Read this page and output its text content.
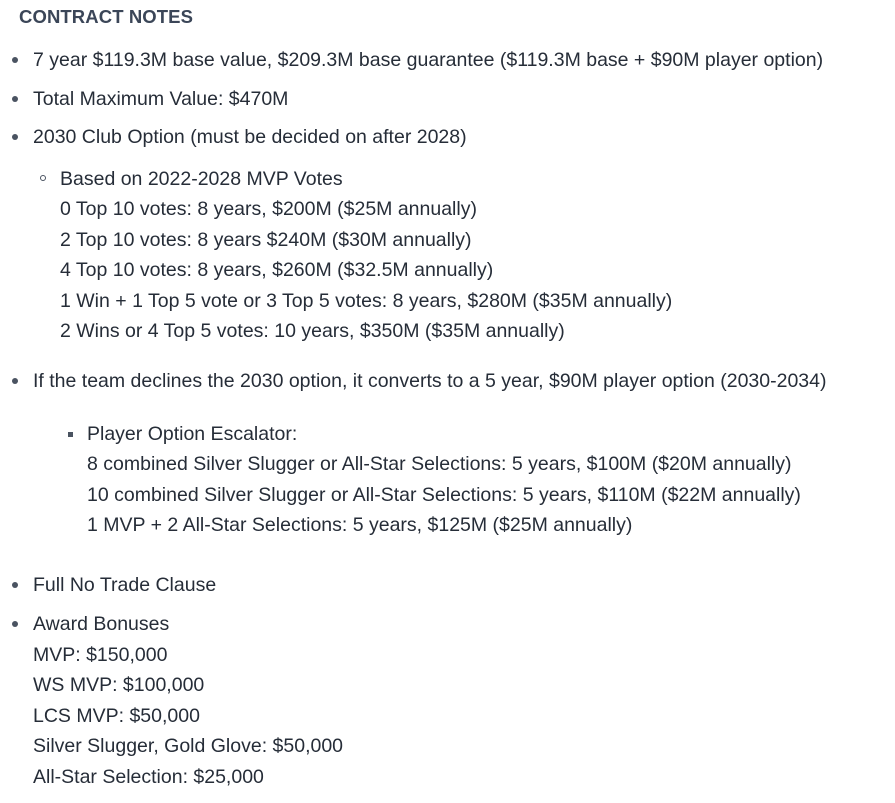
CONTRACT NOTES
7 year $119.3M base value, $209.3M base guarantee ($119.3M base + $90M player option)
Total Maximum Value: $470M
2030 Club Option (must be decided on after 2028)
Based on 2022-2028 MVP Votes
0 Top 10 votes: 8 years, $200M ($25M annually)
2 Top 10 votes: 8 years $240M ($30M annually)
4 Top 10 votes: 8 years, $260M ($32.5M annually)
1 Win + 1 Top 5 vote or 3 Top 5 votes: 8 years, $280M ($35M annually)
2 Wins or 4 Top 5 votes: 10 years, $350M ($35M annually)
If the team declines the 2030 option, it converts to a 5 year, $90M player option (2030-2034)
Player Option Escalator:
8 combined Silver Slugger or All-Star Selections: 5 years, $100M ($20M annually)
10 combined Silver Slugger or All-Star Selections: 5 years, $110M ($22M annually)
1 MVP + 2 All-Star Selections: 5 years, $125M ($25M annually)
Full No Trade Clause
Award Bonuses
MVP: $150,000
WS MVP: $100,000
LCS MVP: $50,000
Silver Slugger, Gold Glove: $50,000
All-Star Selection: $25,000
